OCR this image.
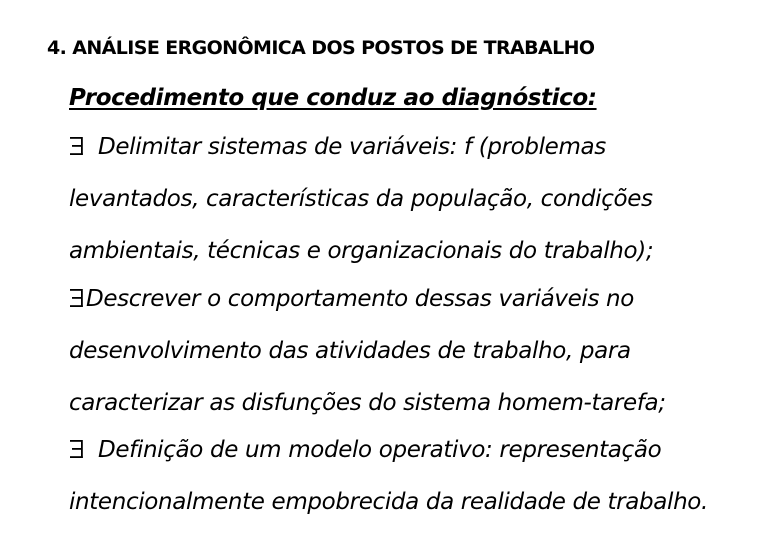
4. ANÁLISE ERGONÔMICA DOS POSTOS DE TRABALHO
Procedimento que conduz ao diagnóstico:
Delimitar sistemas de variáveis: f (problemas
levantados, características da população, condições
ambientais, técnicas e organizacionais do trabalho);
Descrever o comportamento dessas variáveis no
desenvolvimento das atividades de trabalho, para
caracterizar as disfunções do sistema homem-tarefa;
Definição de um modelo operativo: representação
intencionalmente empobrecida da realidade de trabalho.
